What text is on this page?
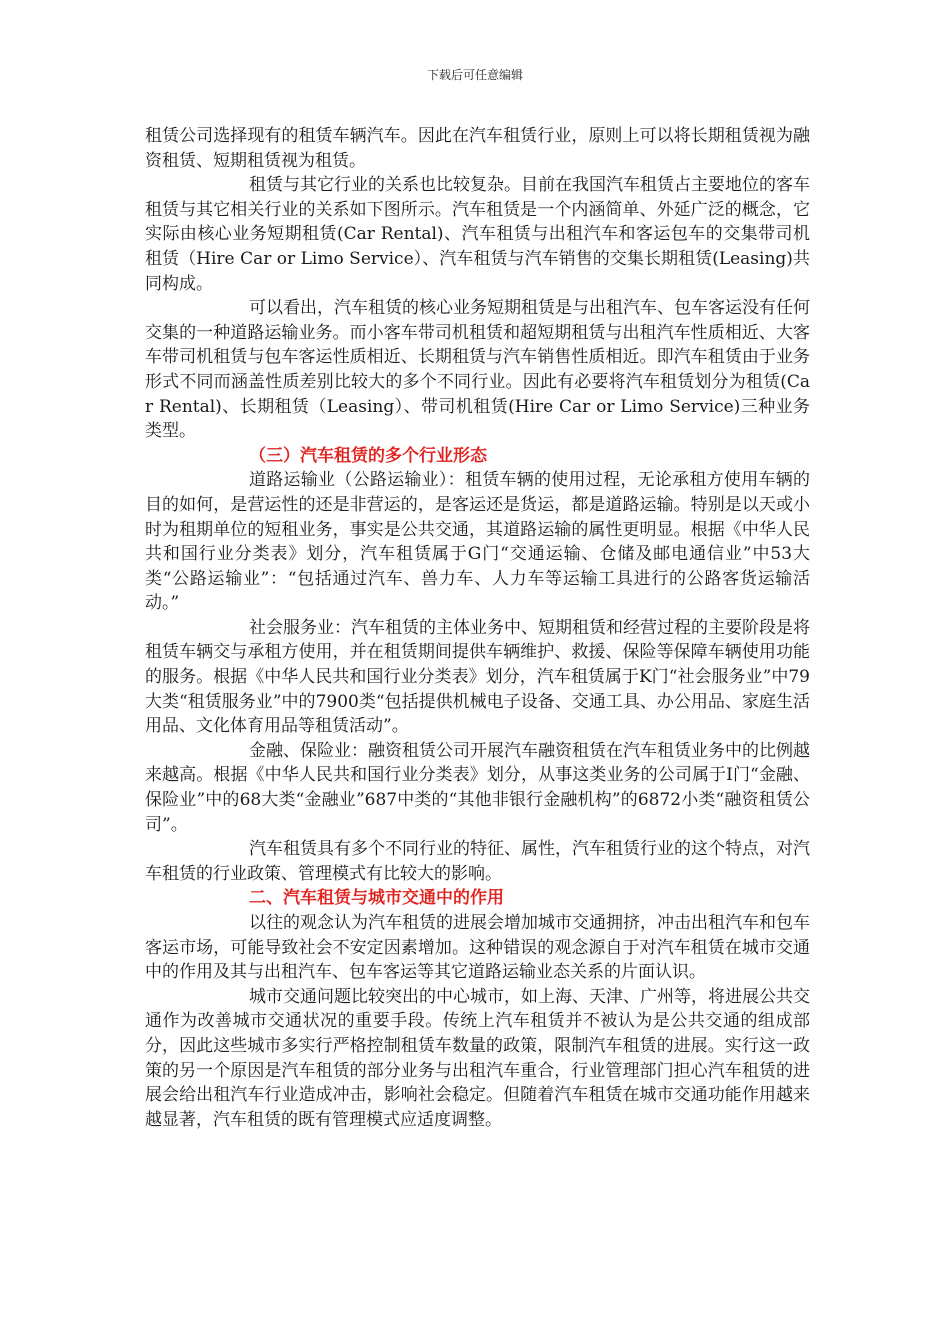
下载后可任意编辑

租赁公司选择现有的租赁车辆汽车。因此在汽车租赁行业，原则上可以将长期租赁视为融资租赁、短期租赁视为租赁。

租赁与其它行业的关系也比较复杂。目前在我国汽车租赁占主要地位的客车租赁与其它相关行业的关系如下图所示。汽车租赁是一个内涵简单、外延广泛的概念，它实际由核心业务短期租赁(Car Rental)、汽车租赁与出租汽车和客运包车的交集带司机租赁（Hire Car or Limo Service）、汽车租赁与汽车销售的交集长期租赁(Leasing)共同构成。

可以看出，汽车租赁的核心业务短期租赁是与出租汽车、包车客运没有任何交集的一种道路运输业务。而小客车带司机租赁和超短期租赁与出租汽车性质相近、大客车带司机租赁与包车客运性质相近、长期租赁与汽车销售性质相近。即汽车租赁由于业务形式不同而涵盖性质差别比较大的多个不同行业。因此有必要将汽车租赁划分为租赁(Car Rental)、长期租赁（Leasing）、带司机租赁(Hire Car or Limo Service)三种业务类型。

（三）汽车租赁的多个行业形态

道路运输业（公路运输业）：租赁车辆的使用过程，无论承租方使用车辆的目的如何，是营运性的还是非营运的，是客运还是货运，都是道路运输。特别是以天或小时为租期单位的短租业务，事实是公共交通，其道路运输的属性更明显。根据《中华人民共和国行业分类表》划分，汽车租赁属于G门“交通运输、仓储及邮电通信业”中53大类“公路运输业”：“包括通过汽车、兽力车、人力车等运输工具进行的公路客货运输活动。”

社会服务业：汽车租赁的主体业务中、短期租赁和经营过程的主要阶段是将租赁车辆交与承租方使用，并在租赁期间提供车辆维护、救援、保险等保障车辆使用功能的服务。根据《中华人民共和国行业分类表》划分，汽车租赁属于K门“社会服务业”中79大类“租赁服务业”中的7900类“包括提供机械电子设备、交通工具、办公用品、家庭生活用品、文化体育用品等租赁活动”。

金融、保险业：融资租赁公司开展汽车融资租赁在汽车租赁业务中的比例越来越高。根据《中华人民共和国行业分类表》划分，从事这类业务的公司属于I门“金融、保险业”中的68大类“金融业”687中类的“其他非银行金融机构”的6872小类“融资租赁公司”。

汽车租赁具有多个不同行业的特征、属性，汽车租赁行业的这个特点，对汽车租赁的行业政策、管理模式有比较大的影响。

二、汽车租赁与城市交通中的作用

以往的观念认为汽车租赁的进展会增加城市交通拥挤，冲击出租汽车和包车客运市场，可能导致社会不安定因素增加。这种错误的观念源自于对汽车租赁在城市交通中的作用及其与出租汽车、包车客运等其它道路运输业态关系的片面认识。

城市交通问题比较突出的中心城市，如上海、天津、广州等，将进展公共交通作为改善城市交通状况的重要手段。传统上汽车租赁并不被认为是公共交通的组成部分，因此这些城市多实行严格控制租赁车数量的政策，限制汽车租赁的进展。实行这一政策的另一个原因是汽车租赁的部分业务与出租汽车重合，行业管理部门担心汽车租赁的进展会给出租汽车行业造成冲击，影响社会稳定。但随着汽车租赁在城市交通功能作用越来越显著，汽车租赁的既有管理模式应适度调整。
